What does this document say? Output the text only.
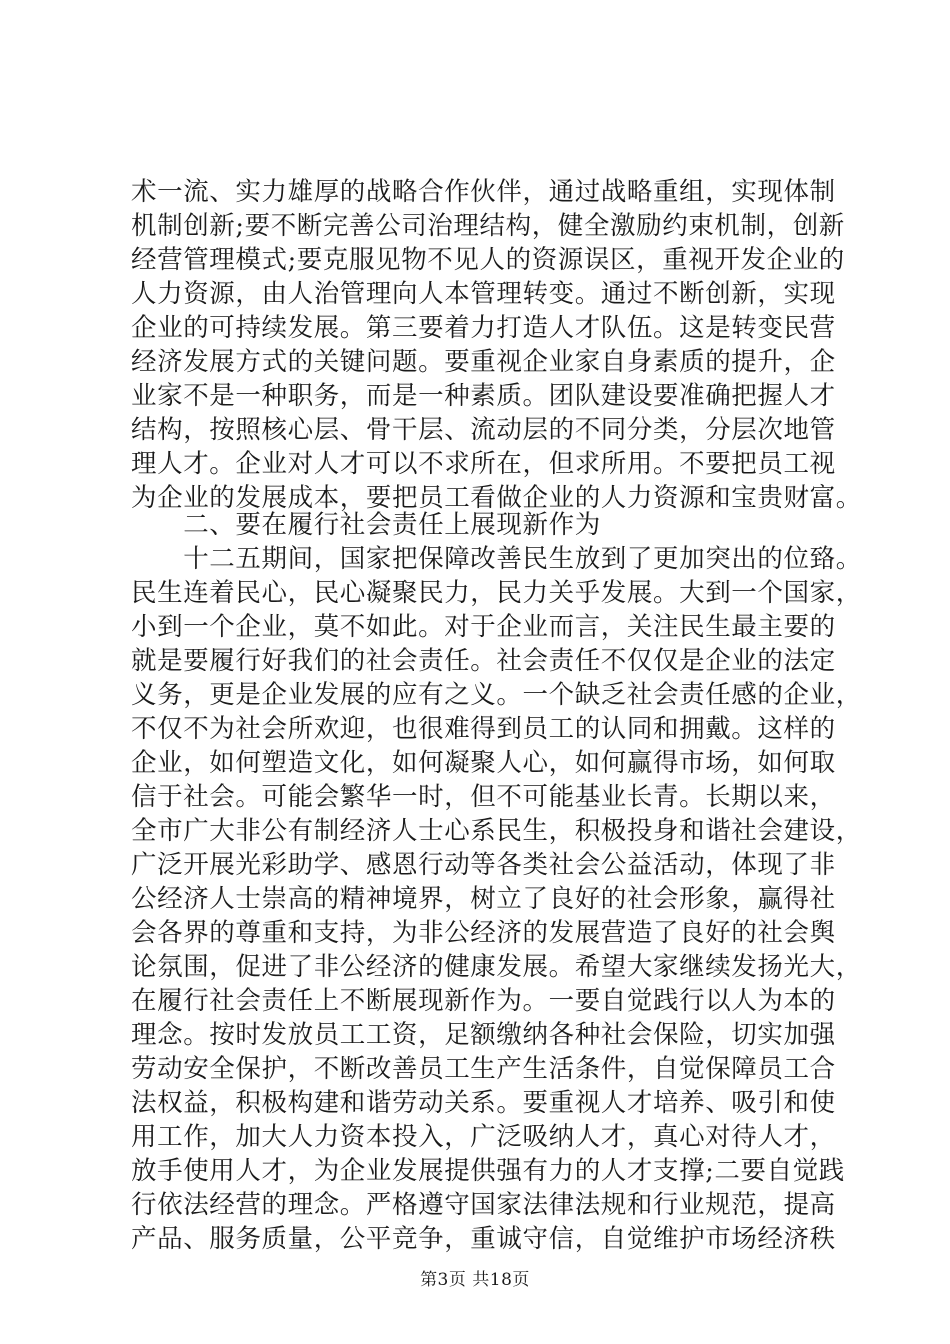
术一流、实力雄厚的战略合作伙伴，通过战略重组，实现体制
机制创新;要不断完善公司治理结构，健全激励约束机制，创新
经营管理模式;要克服见物不见人的资源误区，重视开发企业的
人力资源，由人治管理向人本管理转变。通过不断创新，实现
企业的可持续发展。第三要着力打造人才队伍。这是转变民营
经济发展方式的关键问题。要重视企业家自身素质的提升，企
业家不是一种职务，而是一种素质。团队建设要准确把握人才
结构，按照核心层、骨干层、流动层的不同分类，分层次地管
理人才。企业对人才可以不求所在，但求所用。不要把员工视
为企业的发展成本，要把员工看做企业的人力资源和宝贵财富。
　　二、要在履行社会责任上展现新作为
　　十二五期间，国家把保障改善民生放到了更加突出的位臵。
民生连着民心，民心凝聚民力，民力关乎发展。大到一个国家，
小到一个企业，莫不如此。对于企业而言，关注民生最主要的
就是要履行好我们的社会责任。社会责任不仅仅是企业的法定
义务，更是企业发展的应有之义。一个缺乏社会责任感的企业，
不仅不为社会所欢迎，也很难得到员工的认同和拥戴。这样的
企业，如何塑造文化，如何凝聚人心，如何赢得市场，如何取
信于社会。可能会繁华一时，但不可能基业长青。长期以来，
全市广大非公有制经济人士心系民生，积极投身和谐社会建设，
广泛开展光彩助学、感恩行动等各类社会公益活动，体现了非
公经济人士崇高的精神境界，树立了良好的社会形象，赢得社
会各界的尊重和支持，为非公经济的发展营造了良好的社会舆
论氛围，促进了非公经济的健康发展。希望大家继续发扬光大，
在履行社会责任上不断展现新作为。一要自觉践行以人为本的
理念。按时发放员工工资，足额缴纳各种社会保险，切实加强
劳动安全保护，不断改善员工生产生活条件，自觉保障员工合
法权益，积极构建和谐劳动关系。要重视人才培养、吸引和使
用工作，加大人力资本投入，广泛吸纳人才，真心对待人才，
放手使用人才，为企业发展提供强有力的人才支撑;二要自觉践
行依法经营的理念。严格遵守国家法律法规和行业规范，提高
产品、服务质量，公平竞争，重诚守信，自觉维护市场经济秩
第3页 共18页
